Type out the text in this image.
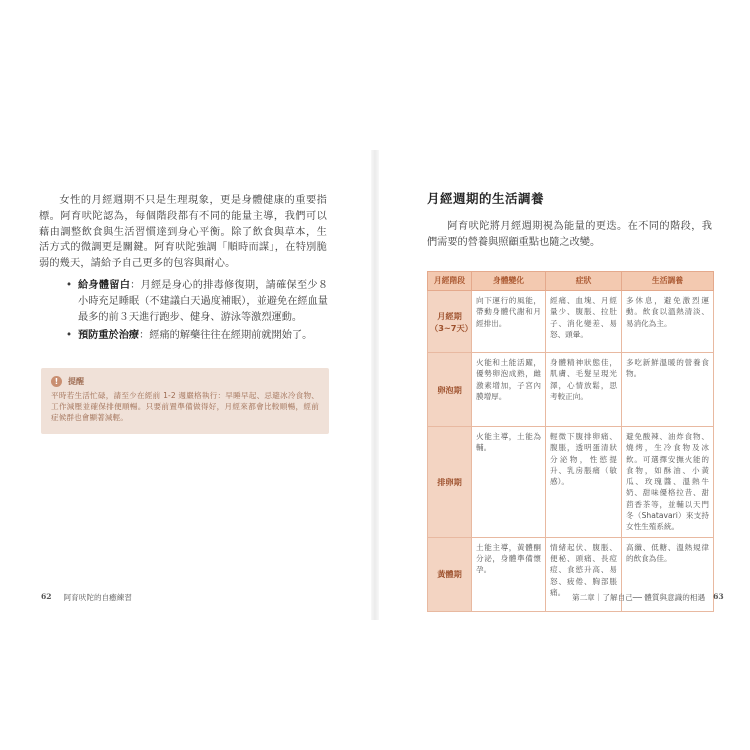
女性的月經週期不只是生理現象，更是身體健康的重要指標。阿育吠陀認為，每個階段都有不同的能量主導，我們可以藉由調整飲食與生活習慣達到身心平衡。除了飲食與草本，生活方式的微調更是關鍵。阿育吠陀強調「順時而謀」，在特別脆弱的幾天，請給予自己更多的包容與耐心。

• 給身體留白：月經是身心的排毒修復期，請確保至少８小時充足睡眠（不建議白天過度補眠），並避免在經血量最多的前３天進行跑步、健身、游泳等激烈運動。
• 預防重於治療：經痛的解藥往往在經期前就開始了。
!	提醒
平時若生活忙碌，請至少在經前 1-2 週嚴格執行：早睡早起、忌避冰冷食物、工作減壓並確保排便順暢。只要前置準備做得好，月經來都會比較順暢，經前症候群也會顯著減輕。
62 阿育吠陀的自癒練習
月經週期的生活調養

阿育吠陀將月經週期視為能量的更迭。在不同的階段，我們需要的營養與照顧重點也隨之改變。

月經階段	身體變化	症狀	生活調養
月經期
（3~7天）	向下運行的風能，帶動身體代謝和月經排出。	經痛、血塊、月經量少、腹脹、拉肚子、消化變差、易怒、頭暈。	多休息，避免激烈運動。飲食以溫熱清淡、易消化為主。
卵泡期	火能和土能活躍，優勢卵泡成熟，雌激素增加，子宮內膜增厚。	身體精神狀態佳，肌膚、毛髮呈現光澤，心情放鬆，思考較正向。	多吃新鮮溫暖的營養食物。
排卵期	火能主導，土能為輔。	輕微下腹排卵痛、腹脹，透明蛋清狀分泌物，性慾提升、乳房脹痛（敏感）。	避免酸辣、油炸食物、燒烤，生冷食物及冰飲。可選擇安撫火能的食物，如酥油、小黃瓜、玫瑰醬、溫熱牛奶、甜味優格拉昔、甜茴香茶等，並輔以天門冬（Shatavari）來支持女性生殖系統。
黃體期	土能主導，黃體酮分泌，身體準備懷孕。	情緒起伏、腹脹、便秘、頭痛、長痘痘、食慾升高、易怒、疲倦、胸部脹痛。	高纖、低糖、溫熱規律的飲食為佳。
第二章｜了解自己── 體質與意識的相遇 63
